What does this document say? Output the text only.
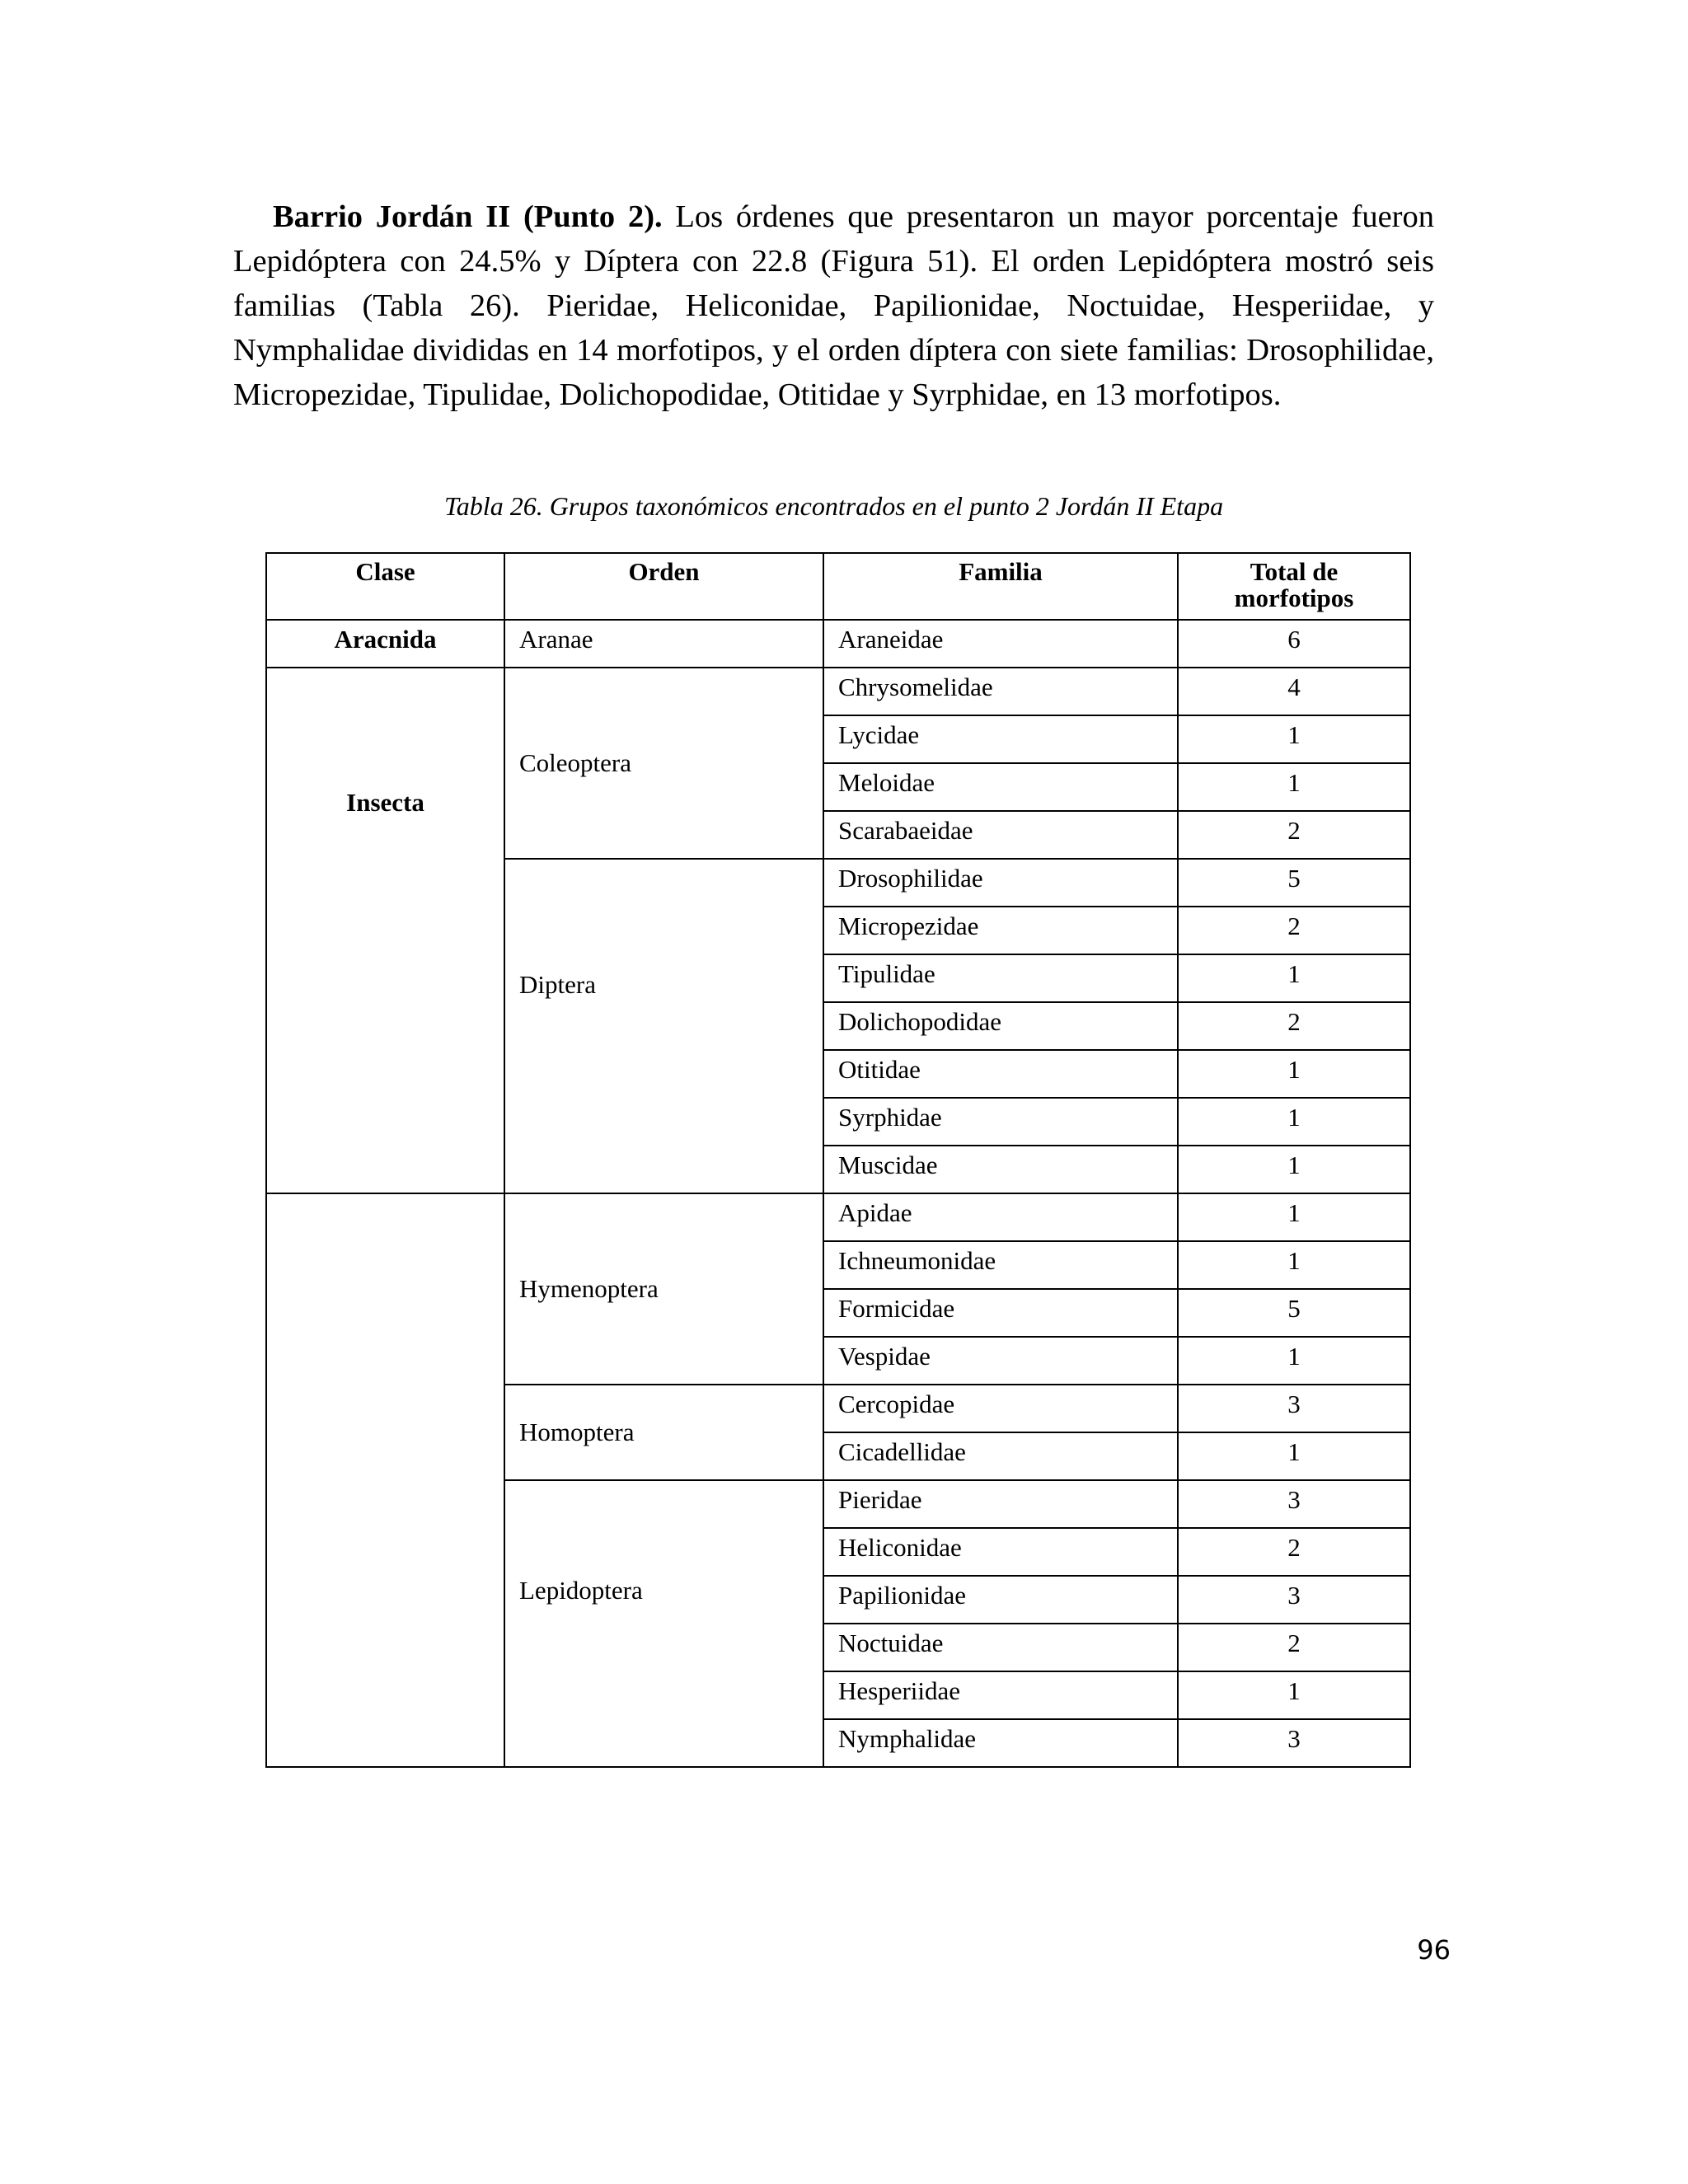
Barrio Jordán II (Punto 2). Los órdenes que presentaron un mayor porcentaje fueron Lepidóptera con 24.5% y Díptera con 22.8 (Figura 51). El orden Lepidóptera mostró seis familias (Tabla 26). Pieridae, Heliconidae, Papilionidae, Noctuidae, Hesperiidae, y Nymphalidae divididas en 14 morfotipos, y el orden díptera con siete familias: Drosophilidae, Micropezidae, Tipulidae, Dolichopodidae, Otitidae y Syrphidae, en 13 morfotipos.

Tabla 26. Grupos taxonómicos encontrados en el punto 2 Jordán II Etapa
Clase	Orden	Familia	Total de morfotipos
Aracnida	Aranae	Araneidae	6
Insecta	Coleoptera	Chrysomelidae	4
		Lycidae	1
		Meloidae	1
		Scarabaeidae	2
	Diptera	Drosophilidae	5
		Micropezidae	2
		Tipulidae	1
		Dolichopodidae	2
		Otitidae	1
		Syrphidae	1
		Muscidae	1
	Hymenoptera	Apidae	1
		Ichneumonidae	1
		Formicidae	5
		Vespidae	1
	Homoptera	Cercopidae	3
		Cicadellidae	1
	Lepidoptera	Pieridae	3
		Heliconidae	2
		Papilionidae	3
		Noctuidae	2
		Hesperiidae	1
		Nymphalidae	3
96
